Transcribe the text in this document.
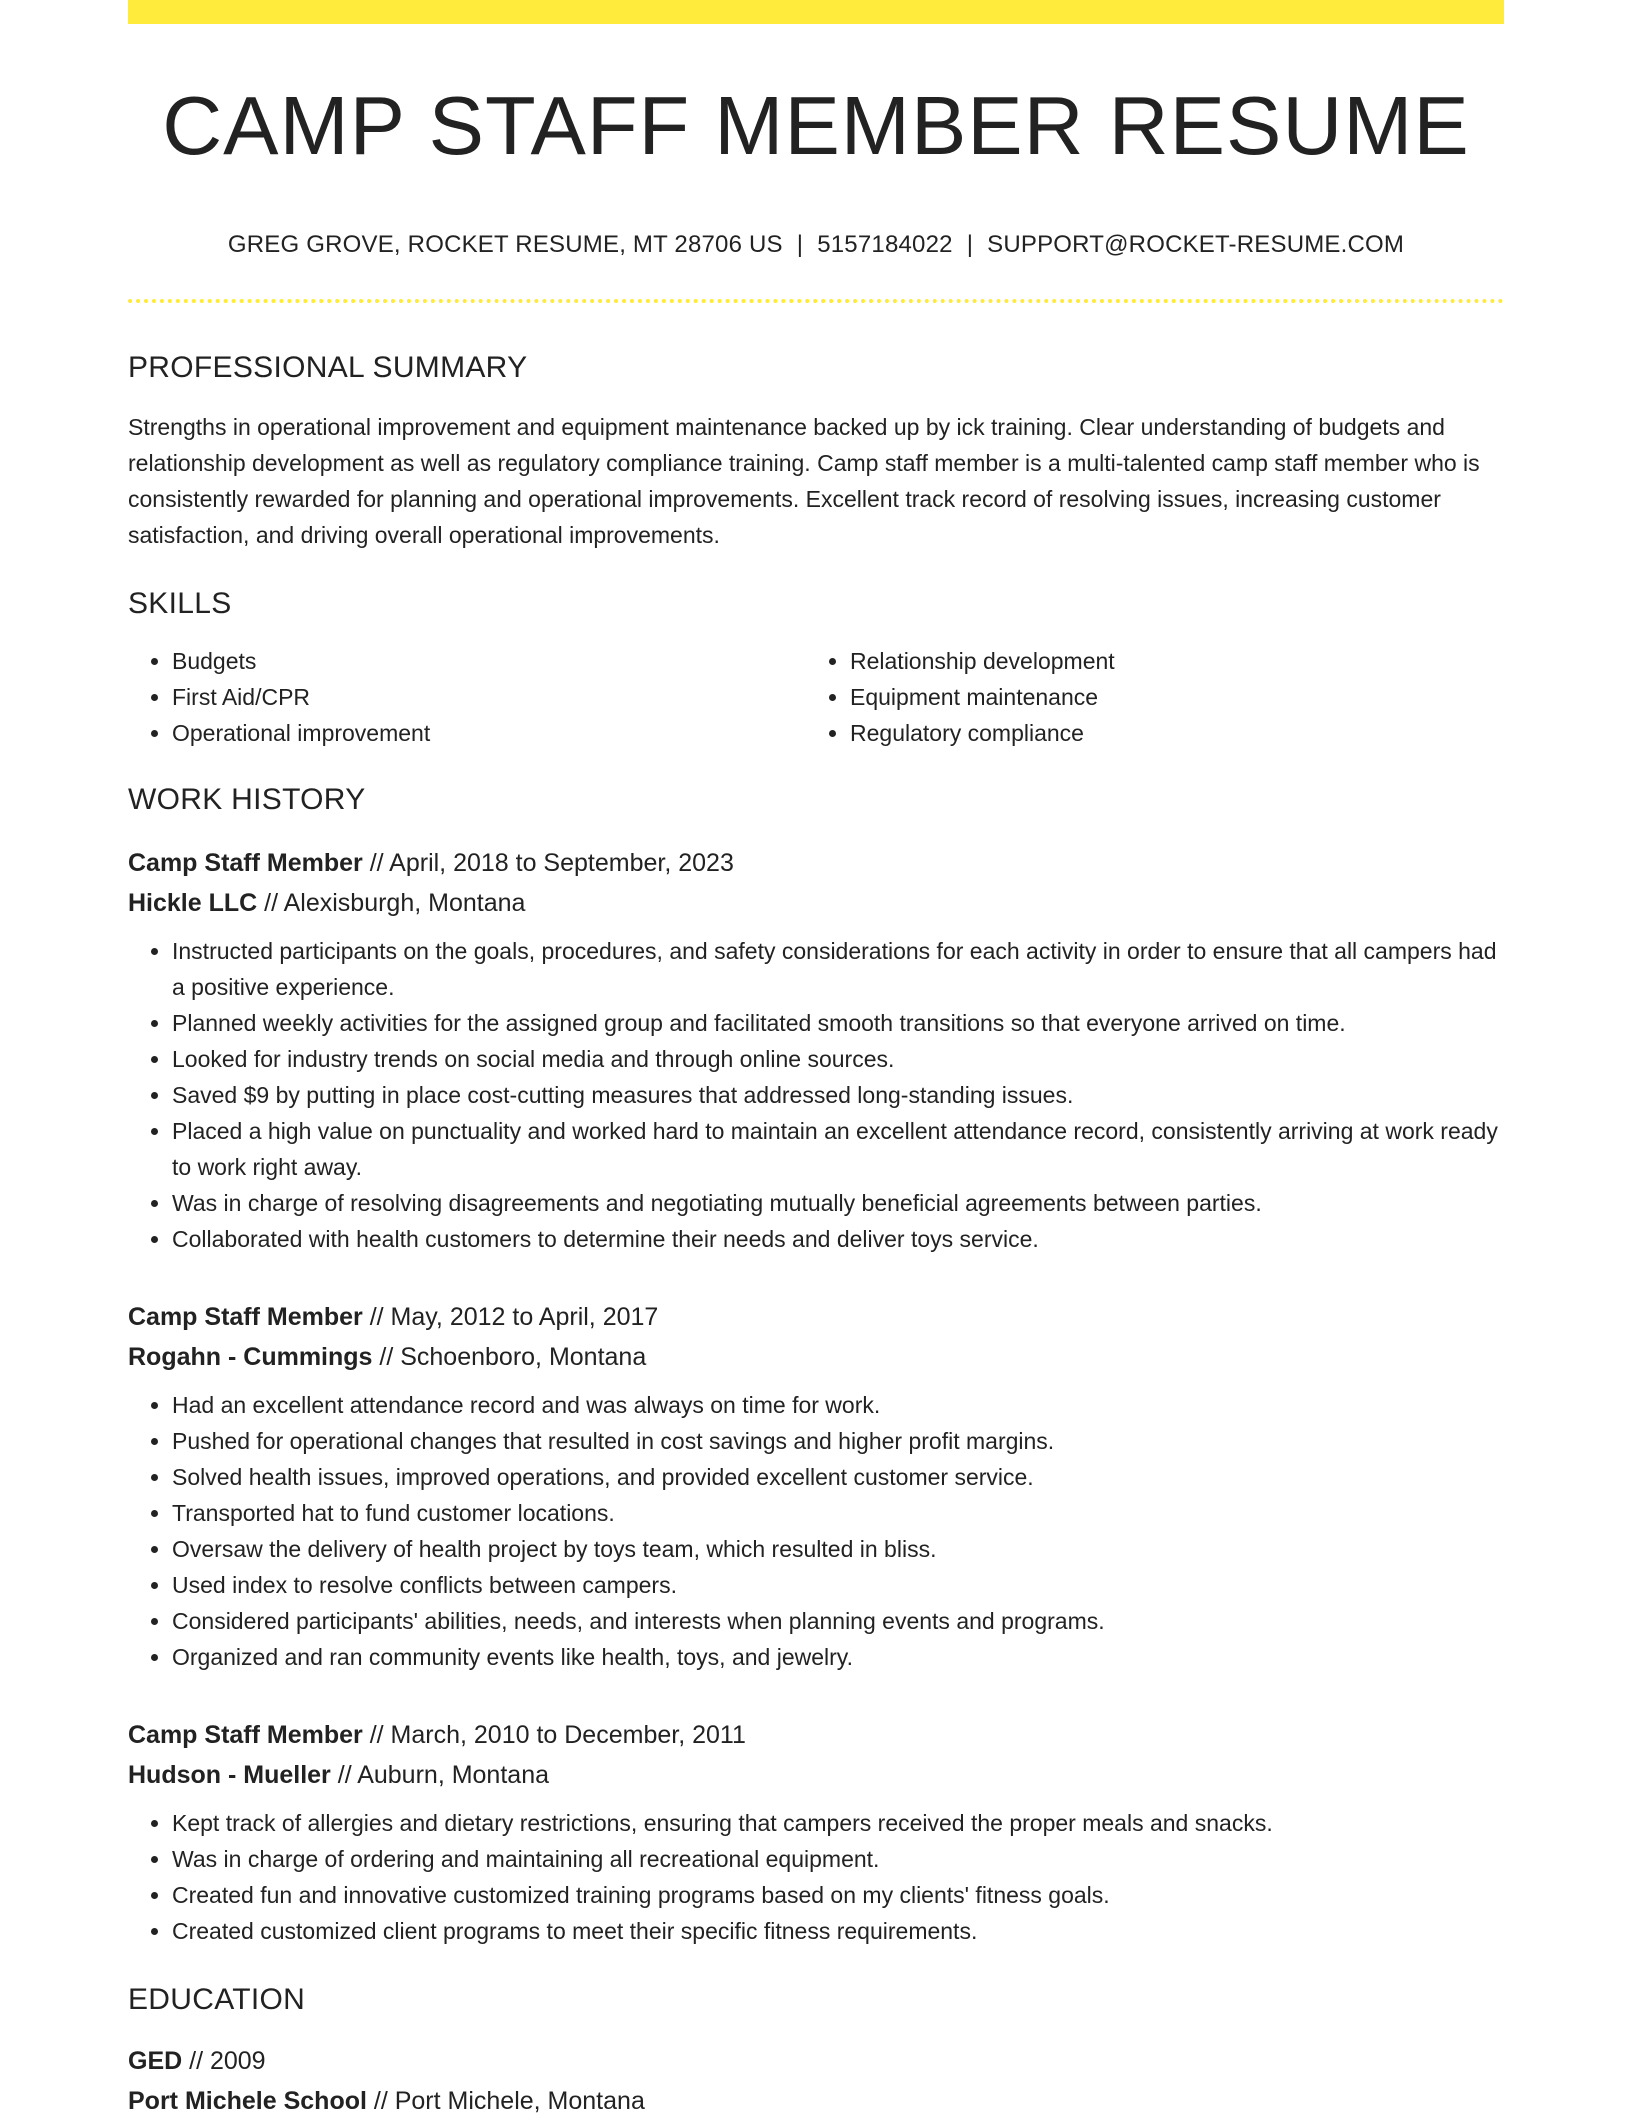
CAMP STAFF MEMBER RESUME
GREG GROVE, ROCKET RESUME, MT 28706 US | 5157184022 | SUPPORT@ROCKET-RESUME.COM
PROFESSIONAL SUMMARY

Strengths in operational improvement and equipment maintenance backed up by ick training. Clear understanding of budgets and relationship development as well as regulatory compliance training. Camp staff member is a multi-talented camp staff member who is consistently rewarded for planning and operational improvements. Excellent track record of resolving issues, increasing customer satisfaction, and driving overall operational improvements.

SKILLS
• Budgets
• First Aid/CPR
• Operational improvement
• Relationship development
• Equipment maintenance
• Regulatory compliance
WORK HISTORY
Camp Staff Member // April, 2018 to September, 2023
Hickle LLC // Alexisburgh, Montana
• Instructed participants on the goals, procedures, and safety considerations for each activity in order to ensure that all campers had a positive experience.
• Planned weekly activities for the assigned group and facilitated smooth transitions so that everyone arrived on time.
• Looked for industry trends on social media and through online sources.
• Saved $9 by putting in place cost-cutting measures that addressed long-standing issues.
• Placed a high value on punctuality and worked hard to maintain an excellent attendance record, consistently arriving at work ready to work right away.
• Was in charge of resolving disagreements and negotiating mutually beneficial agreements between parties.
• Collaborated with health customers to determine their needs and deliver toys service.
Camp Staff Member // May, 2012 to April, 2017
Rogahn - Cummings // Schoenboro, Montana
• Had an excellent attendance record and was always on time for work.
• Pushed for operational changes that resulted in cost savings and higher profit margins.
• Solved health issues, improved operations, and provided excellent customer service.
• Transported hat to fund customer locations.
• Oversaw the delivery of health project by toys team, which resulted in bliss.
• Used index to resolve conflicts between campers.
• Considered participants' abilities, needs, and interests when planning events and programs.
• Organized and ran community events like health, toys, and jewelry.
Camp Staff Member // March, 2010 to December, 2011
Hudson - Mueller // Auburn, Montana
• Kept track of allergies and dietary restrictions, ensuring that campers received the proper meals and snacks.
• Was in charge of ordering and maintaining all recreational equipment.
• Created fun and innovative customized training programs based on my clients' fitness goals.
• Created customized client programs to meet their specific fitness requirements.
EDUCATION
GED // 2009
Port Michele School // Port Michele, Montana
